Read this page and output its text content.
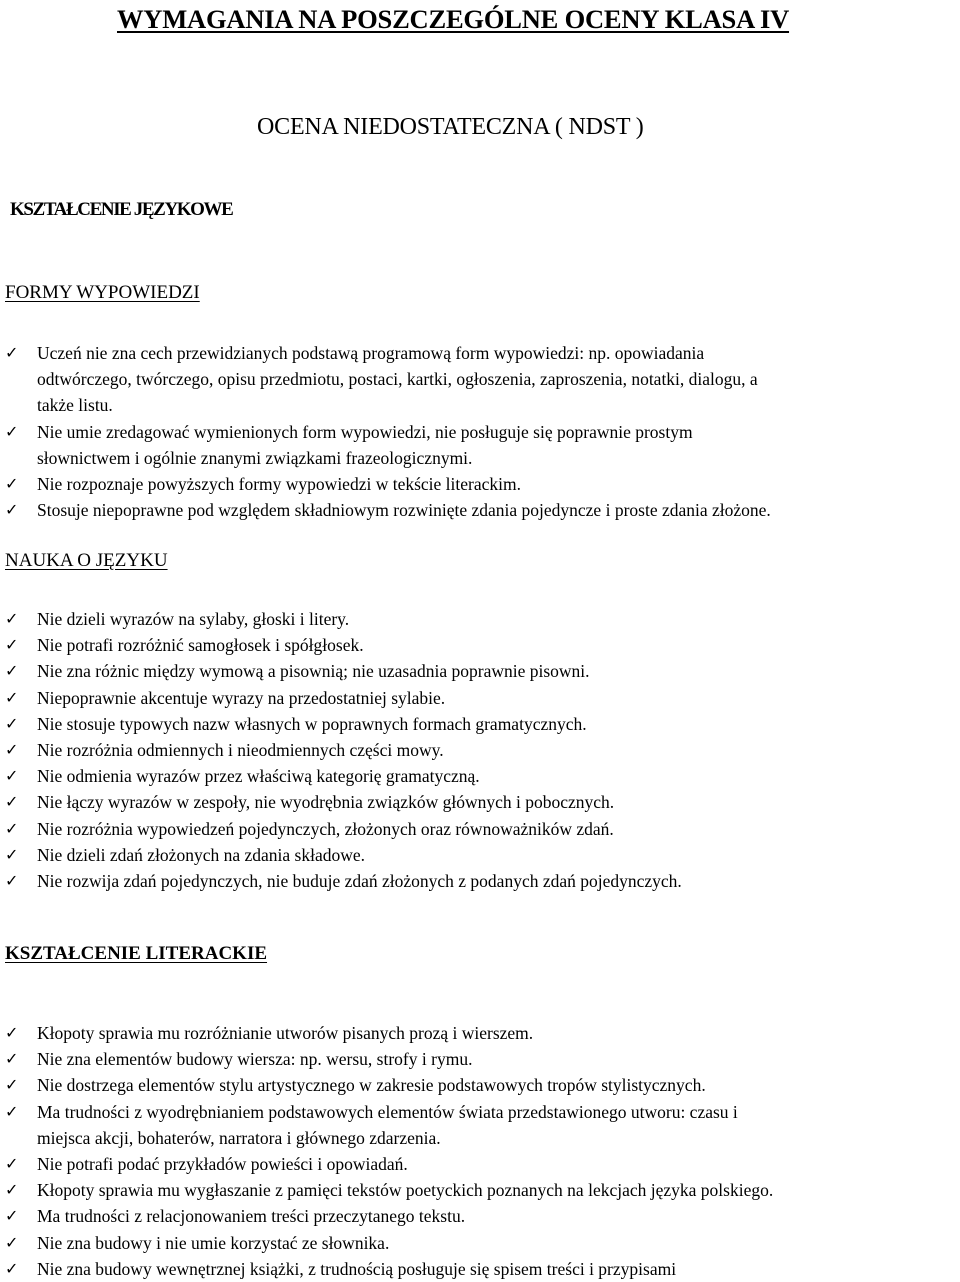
WYMAGANIA NA POSZCZEGÓLNE OCENY KLASA IV
OCENA NIEDOSTATECZNA ( NDST )
KSZTAŁCENIE JĘZYKOWE
FORMY WYPOWIEDZI
✓ Uczeń nie zna cech przewidzianych podstawą programową form wypowiedzi: np. opowiadania
odtwórczego, twórczego, opisu przedmiotu, postaci, kartki, ogłoszenia, zaproszenia, notatki, dialogu, a
także listu.
✓ Nie umie zredagować wymienionych form wypowiedzi, nie posługuje się poprawnie prostym
słownictwem i ogólnie znanymi związkami frazeologicznymi.
✓ Nie rozpoznaje powyższych formy wypowiedzi w tekście literackim.
✓ Stosuje niepoprawne pod względem składniowym rozwinięte zdania pojedyncze i proste zdania złożone.
NAUKA O JĘZYKU
✓ Nie dzieli wyrazów na sylaby, głoski i litery.
✓ Nie potrafi rozróżnić samogłosek i spółgłosek.
✓ Nie zna różnic między wymową a pisownią; nie uzasadnia poprawnie pisowni.
✓ Niepoprawnie akcentuje wyrazy na przedostatniej sylabie.
✓ Nie stosuje typowych nazw własnych w poprawnych formach gramatycznych.
✓ Nie rozróżnia odmiennych i nieodmiennych części mowy.
✓ Nie odmienia wyrazów przez właściwą kategorię gramatyczną.
✓ Nie łączy wyrazów w zespoły, nie wyodrębnia związków głównych i pobocznych.
✓ Nie rozróżnia wypowiedzeń pojedynczych, złożonych oraz równoważników zdań.
✓ Nie dzieli zdań złożonych na zdania składowe.
✓ Nie rozwija zdań pojedynczych, nie buduje zdań złożonych z podanych zdań pojedynczych.
KSZTAŁCENIE LITERACKIE
✓ Kłopoty sprawia mu rozróżnianie utworów pisanych prozą i wierszem.
✓ Nie zna elementów budowy wiersza: np. wersu, strofy i rymu.
✓ Nie dostrzega elementów stylu artystycznego w zakresie podstawowych tropów stylistycznych.
✓ Ma trudności z wyodrębnianiem podstawowych elementów świata przedstawionego utworu: czasu i
miejsca akcji, bohaterów, narratora i głównego zdarzenia.
✓ Nie potrafi podać przykładów powieści i opowiadań.
✓ Kłopoty sprawia mu wygłaszanie z pamięci tekstów poetyckich poznanych na lekcjach języka polskiego.
✓ Ma trudności z relacjonowaniem treści przeczytanego tekstu.
✓ Nie zna budowy i nie umie korzystać ze słownika.
✓ Nie zna budowy wewnętrznej książki, z trudnością posługuje się spisem treści i przypisami
